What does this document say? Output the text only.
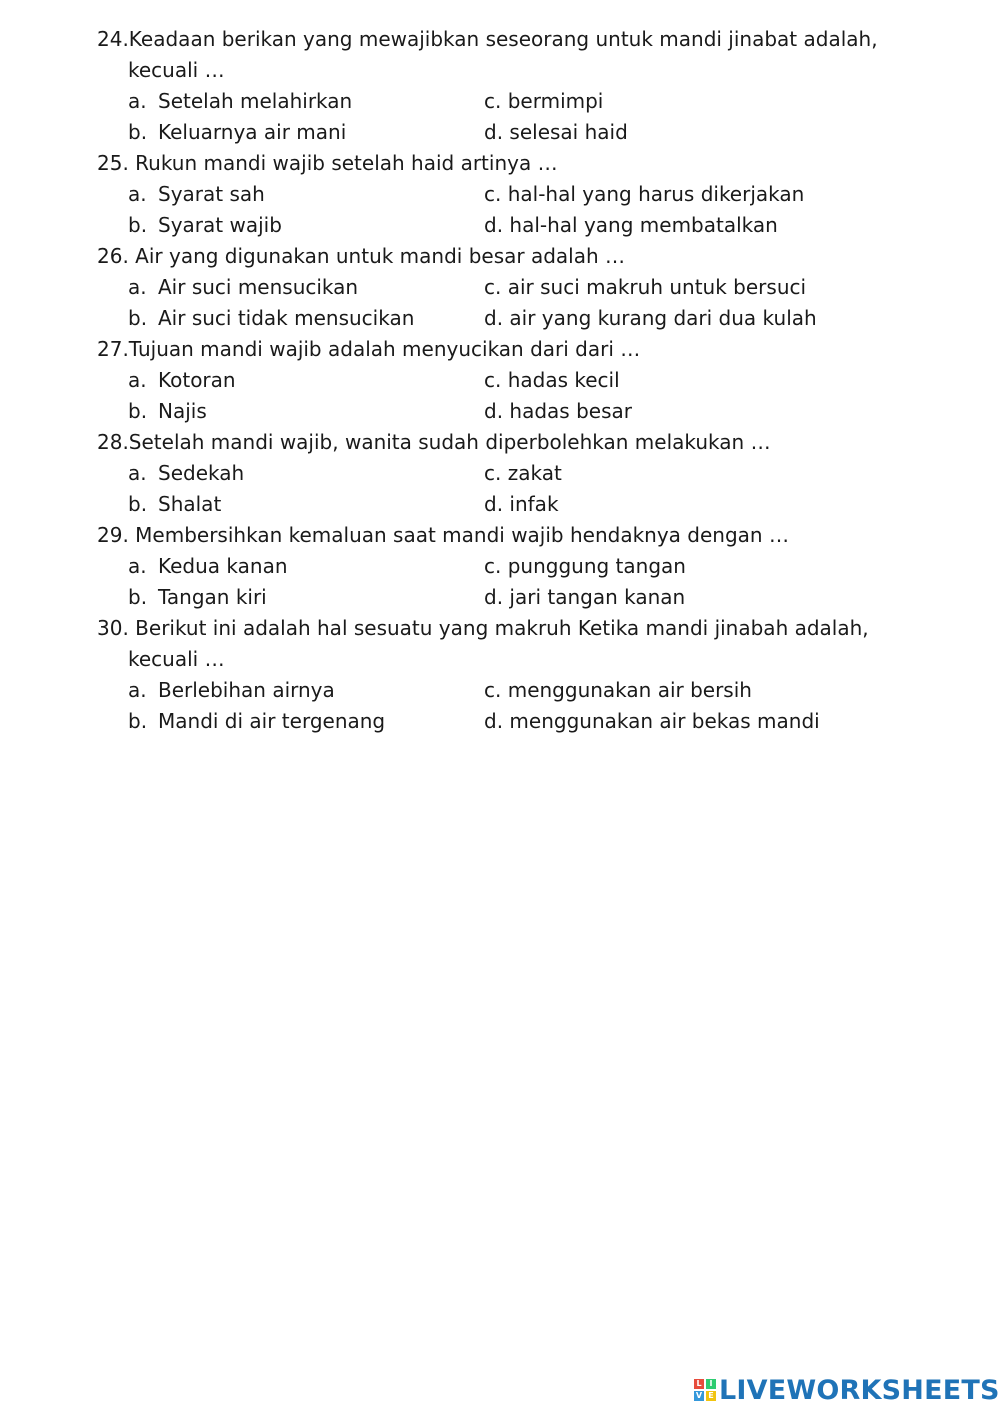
24.Keadaan berikan yang mewajibkan seseorang untuk mandi jinabat adalah,
kecuali …
a. Setelah melahirkan	c. bermimpi
b. Keluarnya air mani	d. selesai haid
25. Rukun mandi wajib setelah haid artinya …
a. Syarat sah	c. hal-hal yang harus dikerjakan
b. Syarat wajib	d. hal-hal yang membatalkan
26. Air yang digunakan untuk mandi besar adalah …
a. Air suci mensucikan	c. air suci makruh untuk bersuci
b. Air suci tidak mensucikan	d. air yang kurang dari dua kulah
27.Tujuan mandi wajib adalah menyucikan dari dari …
a. Kotoran	c. hadas kecil
b. Najis	d. hadas besar
28.Setelah mandi wajib, wanita sudah diperbolehkan melakukan …
a. Sedekah	c. zakat
b. Shalat	d. infak
29. Membersihkan kemaluan saat mandi wajib hendaknya dengan …
a. Kedua kanan	c. punggung tangan
b. Tangan kiri	d. jari tangan kanan
30. Berikut ini adalah hal sesuatu yang makruh Ketika mandi jinabah adalah,
kecuali …
a. Berlebihan airnya	c. menggunakan air bersih
b. Mandi di air tergenang	d. menggunakan air bekas mandi
L I
V E LIVEWORKSHEETS
